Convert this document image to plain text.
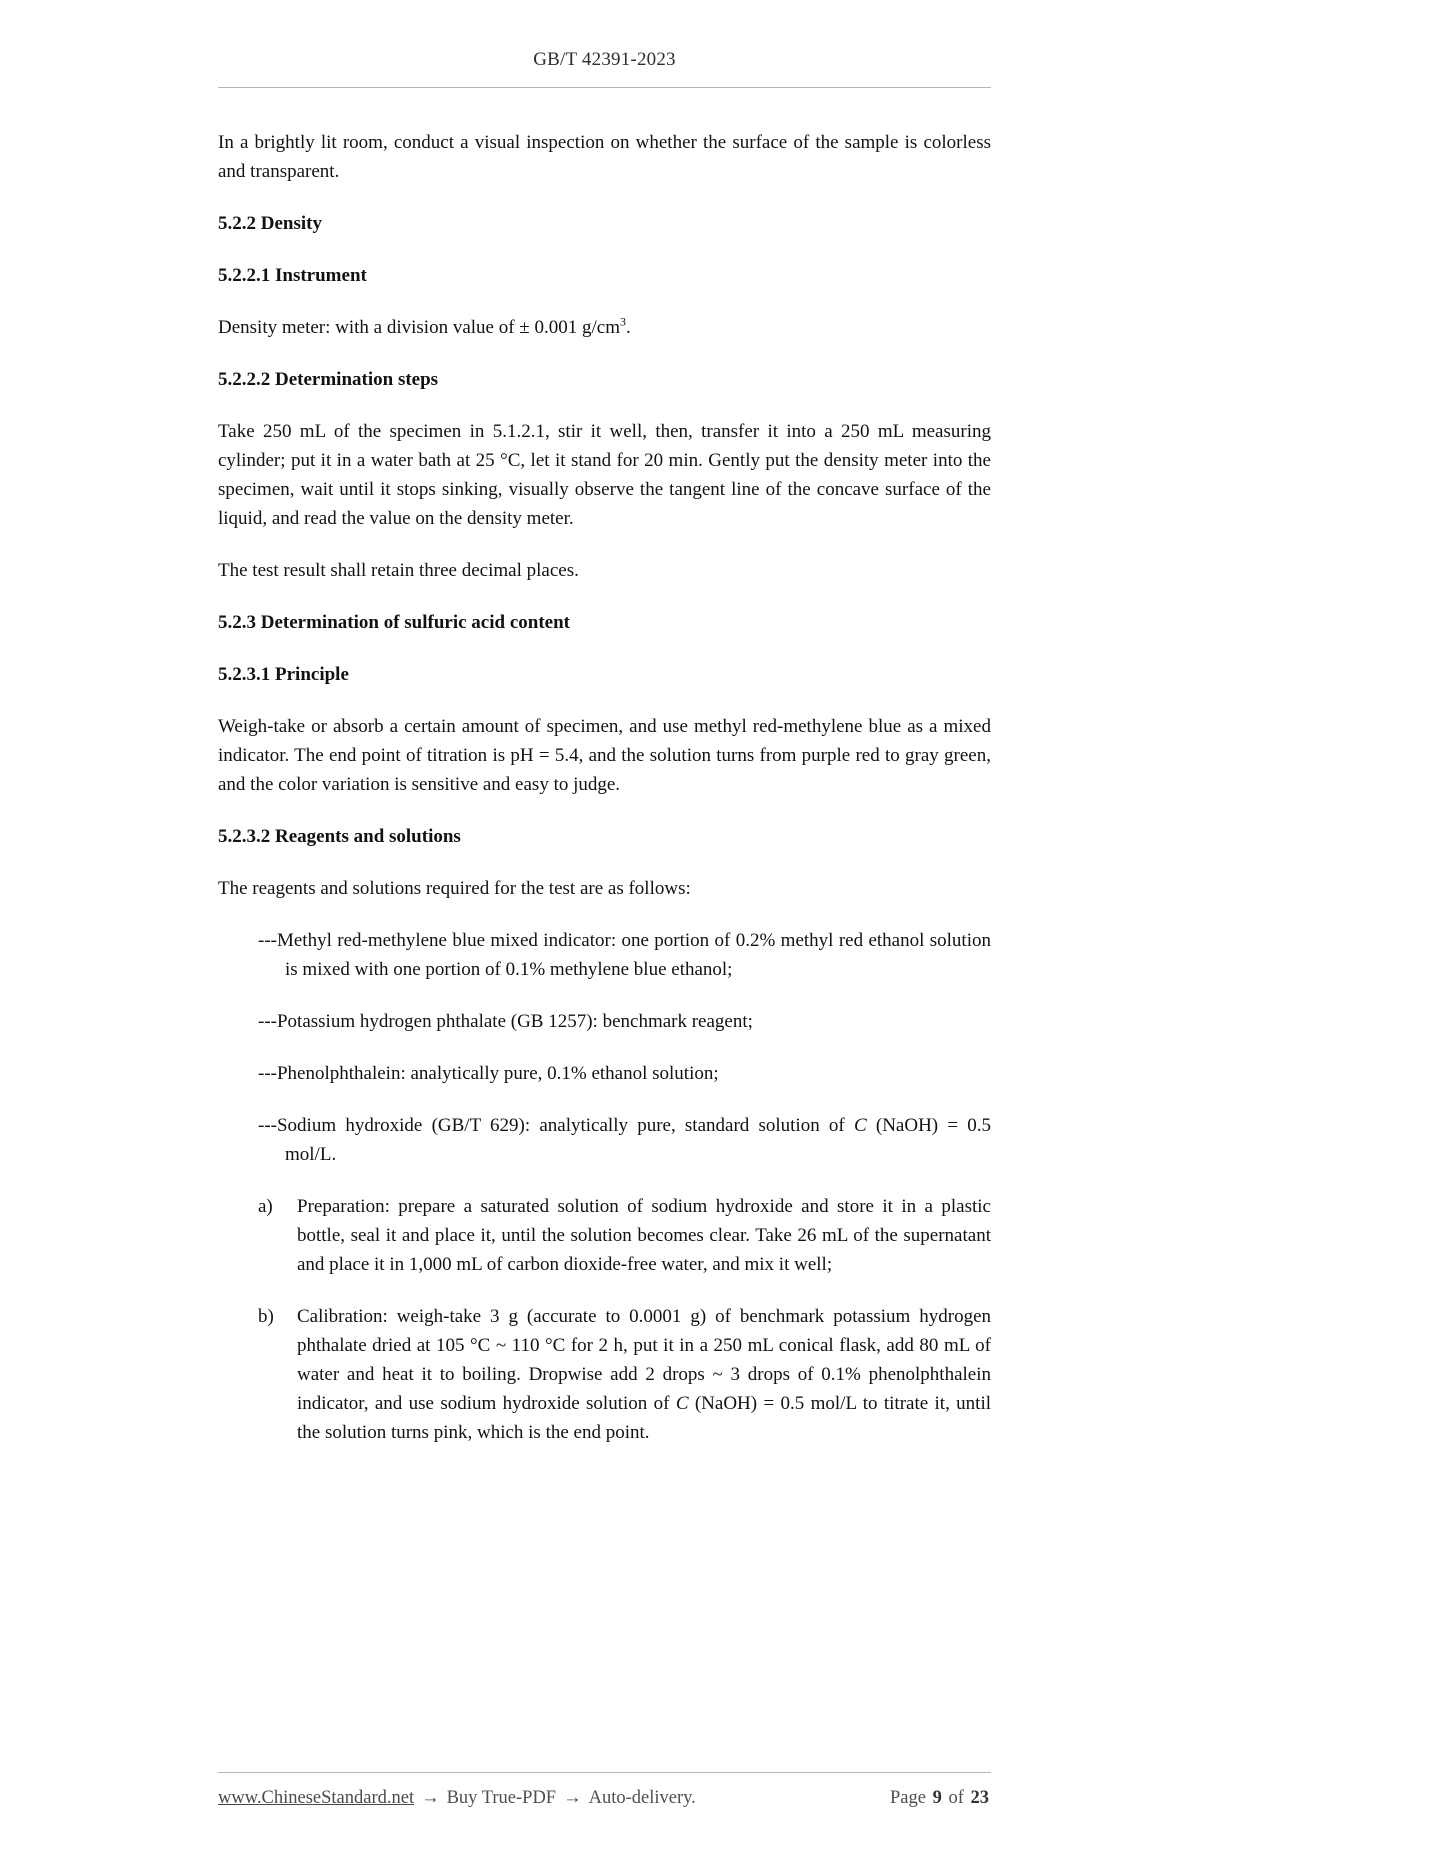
GB/T 42391-2023

In a brightly lit room, conduct a visual inspection on whether the surface of the sample is colorless and transparent.

5.2.2 Density
5.2.2.1 Instrument

Density meter: with a division value of ± 0.001 $g/cm^3$.

5.2.2.2 Determination steps

Take 250 mL of the specimen in 5.1.2.1, stir it well, then, transfer it into a 250 mL measuring cylinder; put it in a water bath at 25 °C, let it stand for 20 min. Gently put the density meter into the specimen, wait until it stops sinking, visually observe the tangent line of the concave surface of the liquid, and read the value on the density meter.

The test result shall retain three decimal places.

5.2.3 Determination of sulfuric acid content
5.2.3.1 Principle

Weigh-take or absorb a certain amount of specimen, and use methyl red-methylene blue as a mixed indicator. The end point of titration is pH = 5.4, and the solution turns from purple red to gray green, and the color variation is sensitive and easy to judge.

5.2.3.2 Reagents and solutions

The reagents and solutions required for the test are as follows:

---Methyl red-methylene blue mixed indicator: one portion of 0.2% methyl red ethanol solution is mixed with one portion of 0.1% methylene blue ethanol;

---Potassium hydrogen phthalate (GB 1257): benchmark reagent;

---Phenolphthalein: analytically pure, 0.1% ethanol solution;

---Sodium hydroxide (GB/T 629): analytically pure, standard solution of C (NaOH) = 0.5 mol/L.

a) Preparation: prepare a saturated solution of sodium hydroxide and store it in a plastic bottle, seal it and place it, until the solution becomes clear. Take 26 mL of the supernatant and place it in 1,000 mL of carbon dioxide-free water, and mix it well;
b) Calibration: weigh-take 3 g (accurate to 0.0001 g) of benchmark potassium hydrogen phthalate dried at 105 °C ~ 110 °C for 2 h, put it in a 250 mL conical flask, add 80 mL of water and heat it to boiling. Dropwise add 2 drops ~ 3 drops of 0.1% phenolphthalein indicator, and use sodium hydroxide solution of C (NaOH) = 0.5 mol/L to titrate it, until the solution turns pink, which is the end point.
www.ChineseStandard.net → Buy True-PDF → Auto-delivery.	Page 9 of 23
